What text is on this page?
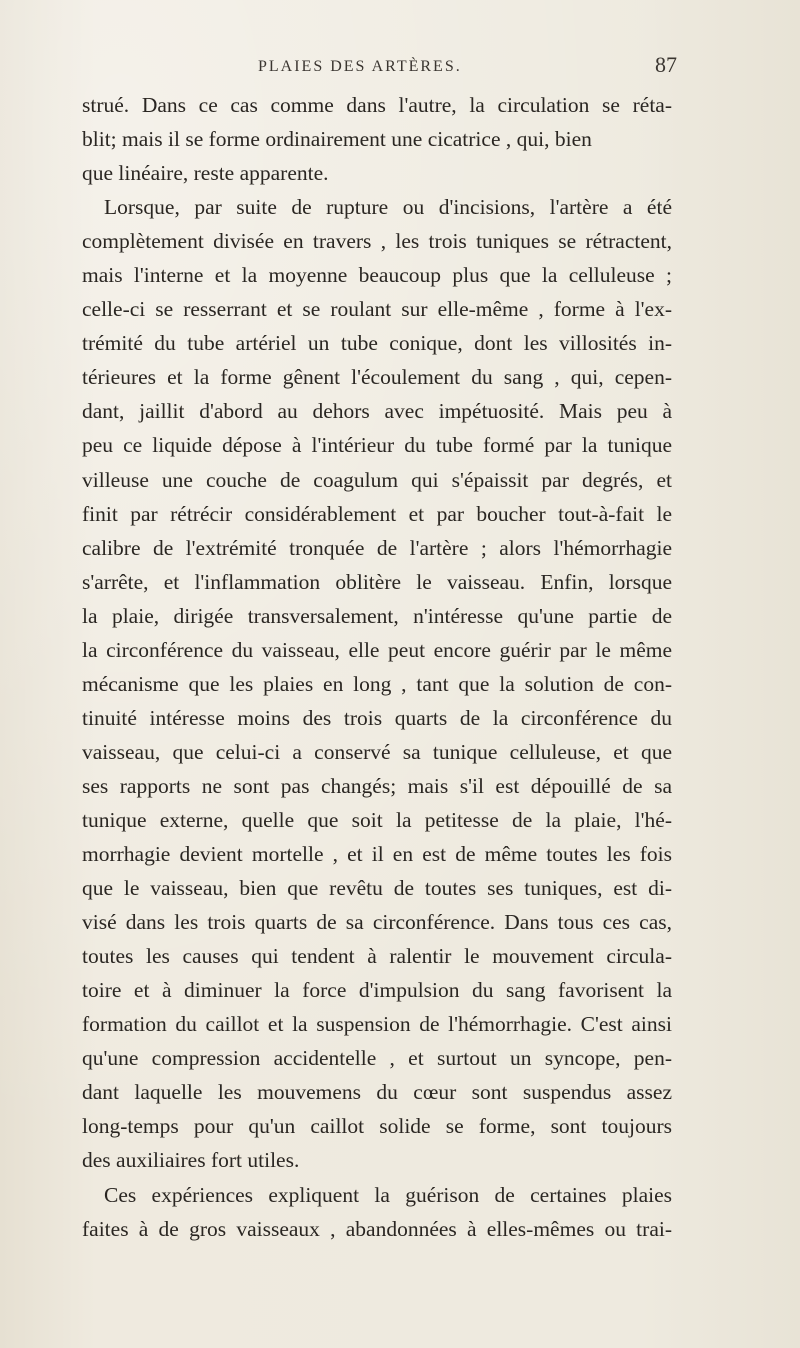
PLAIES DES ARTÈRES.	87
strué. Dans ce cas comme dans l'autre, la circulation se réta-
blit; mais il se forme ordinairement une cicatrice , qui, bien
que linéaire, reste apparente.
Lorsque, par suite de rupture ou d'incisions, l'artère a été
complètement divisée en travers , les trois tuniques se rétractent,
mais l'interne et la moyenne beaucoup plus que la celluleuse ;
celle-ci se resserrant et se roulant sur elle-même , forme à l'ex-
trémité du tube artériel un tube conique, dont les villosités in-
térieures et la forme gênent l'écoulement du sang , qui, cepen-
dant, jaillit d'abord au dehors avec impétuosité. Mais peu à
peu ce liquide dépose à l'intérieur du tube formé par la tunique
villeuse une couche de coagulum qui s'épaissit par degrés, et
finit par rétrécir considérablement et par boucher tout-à-fait le
calibre de l'extrémité tronquée de l'artère ; alors l'hémorrhagie
s'arrête, et l'inflammation oblitère le vaisseau. Enfin, lorsque
la plaie, dirigée transversalement, n'intéresse qu'une partie de
la circonférence du vaisseau, elle peut encore guérir par le même
mécanisme que les plaies en long , tant que la solution de con-
tinuité intéresse moins des trois quarts de la circonférence du
vaisseau, que celui-ci a conservé sa tunique celluleuse, et que
ses rapports ne sont pas changés; mais s'il est dépouillé de sa
tunique externe, quelle que soit la petitesse de la plaie, l'hé-
morrhagie devient mortelle , et il en est de même toutes les fois
que le vaisseau, bien que revêtu de toutes ses tuniques, est di-
visé dans les trois quarts de sa circonférence. Dans tous ces cas,
toutes les causes qui tendent à ralentir le mouvement circula-
toire et à diminuer la force d'impulsion du sang favorisent la
formation du caillot et la suspension de l'hémorrhagie. C'est ainsi
qu'une compression accidentelle , et surtout un syncope, pen-
dant laquelle les mouvemens du cœur sont suspendus assez
long-temps pour qu'un caillot solide se forme, sont toujours
des auxiliaires fort utiles.
Ces expériences expliquent la guérison de certaines plaies
faites à de gros vaisseaux , abandonnées à elles-mêmes ou trai-
